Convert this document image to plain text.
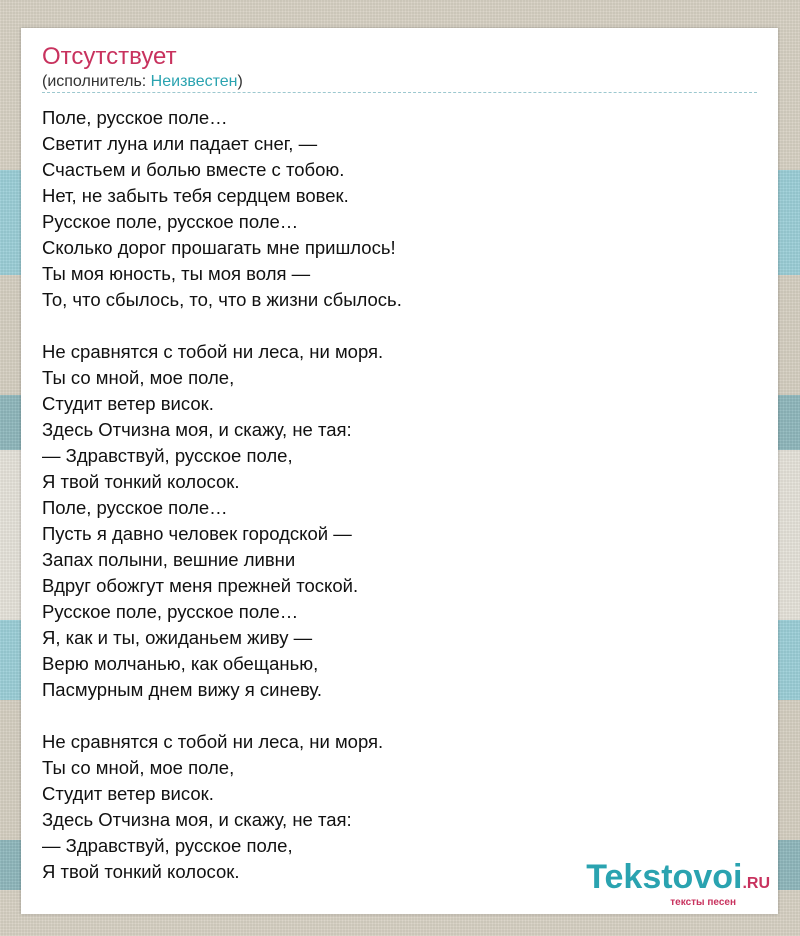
Отсутствует
(исполнитель: Неизвестен)
Поле, русское поле…
Светит луна или падает снег, —
Счастьем и болью вместе с тобою.
Нет, не забыть тебя сердцем вовек.
Русское поле, русское поле…
Сколько дорог прошагать мне пришлось!
Ты моя юность, ты моя воля —
То, что сбылось, то, что в жизни сбылось.
Не сравнятся с тобой ни леса, ни моря.
Ты со мной, мое поле,
Студит ветер висок.
Здесь Отчизна моя, и скажу, не тая:
— Здравствуй, русское поле,
Я твой тонкий колосок.
Поле, русское поле…
Пусть я давно человек городской —
Запах полыни, вешние ливни
Вдруг обожгут меня прежней тоской.
Русское поле, русское поле…
Я, как и ты, ожиданьем живу —
Верю молчанью, как обещанью,
Пасмурным днем вижу я синеву.
Не сравнятся с тобой ни леса, ни моря.
Ты со мной, мое поле,
Студит ветер висок.
Здесь Отчизна моя, и скажу, не тая:
— Здравствуй, русское поле,
Я твой тонкий колосок.	Tekstovoi.RU
тексты песен
